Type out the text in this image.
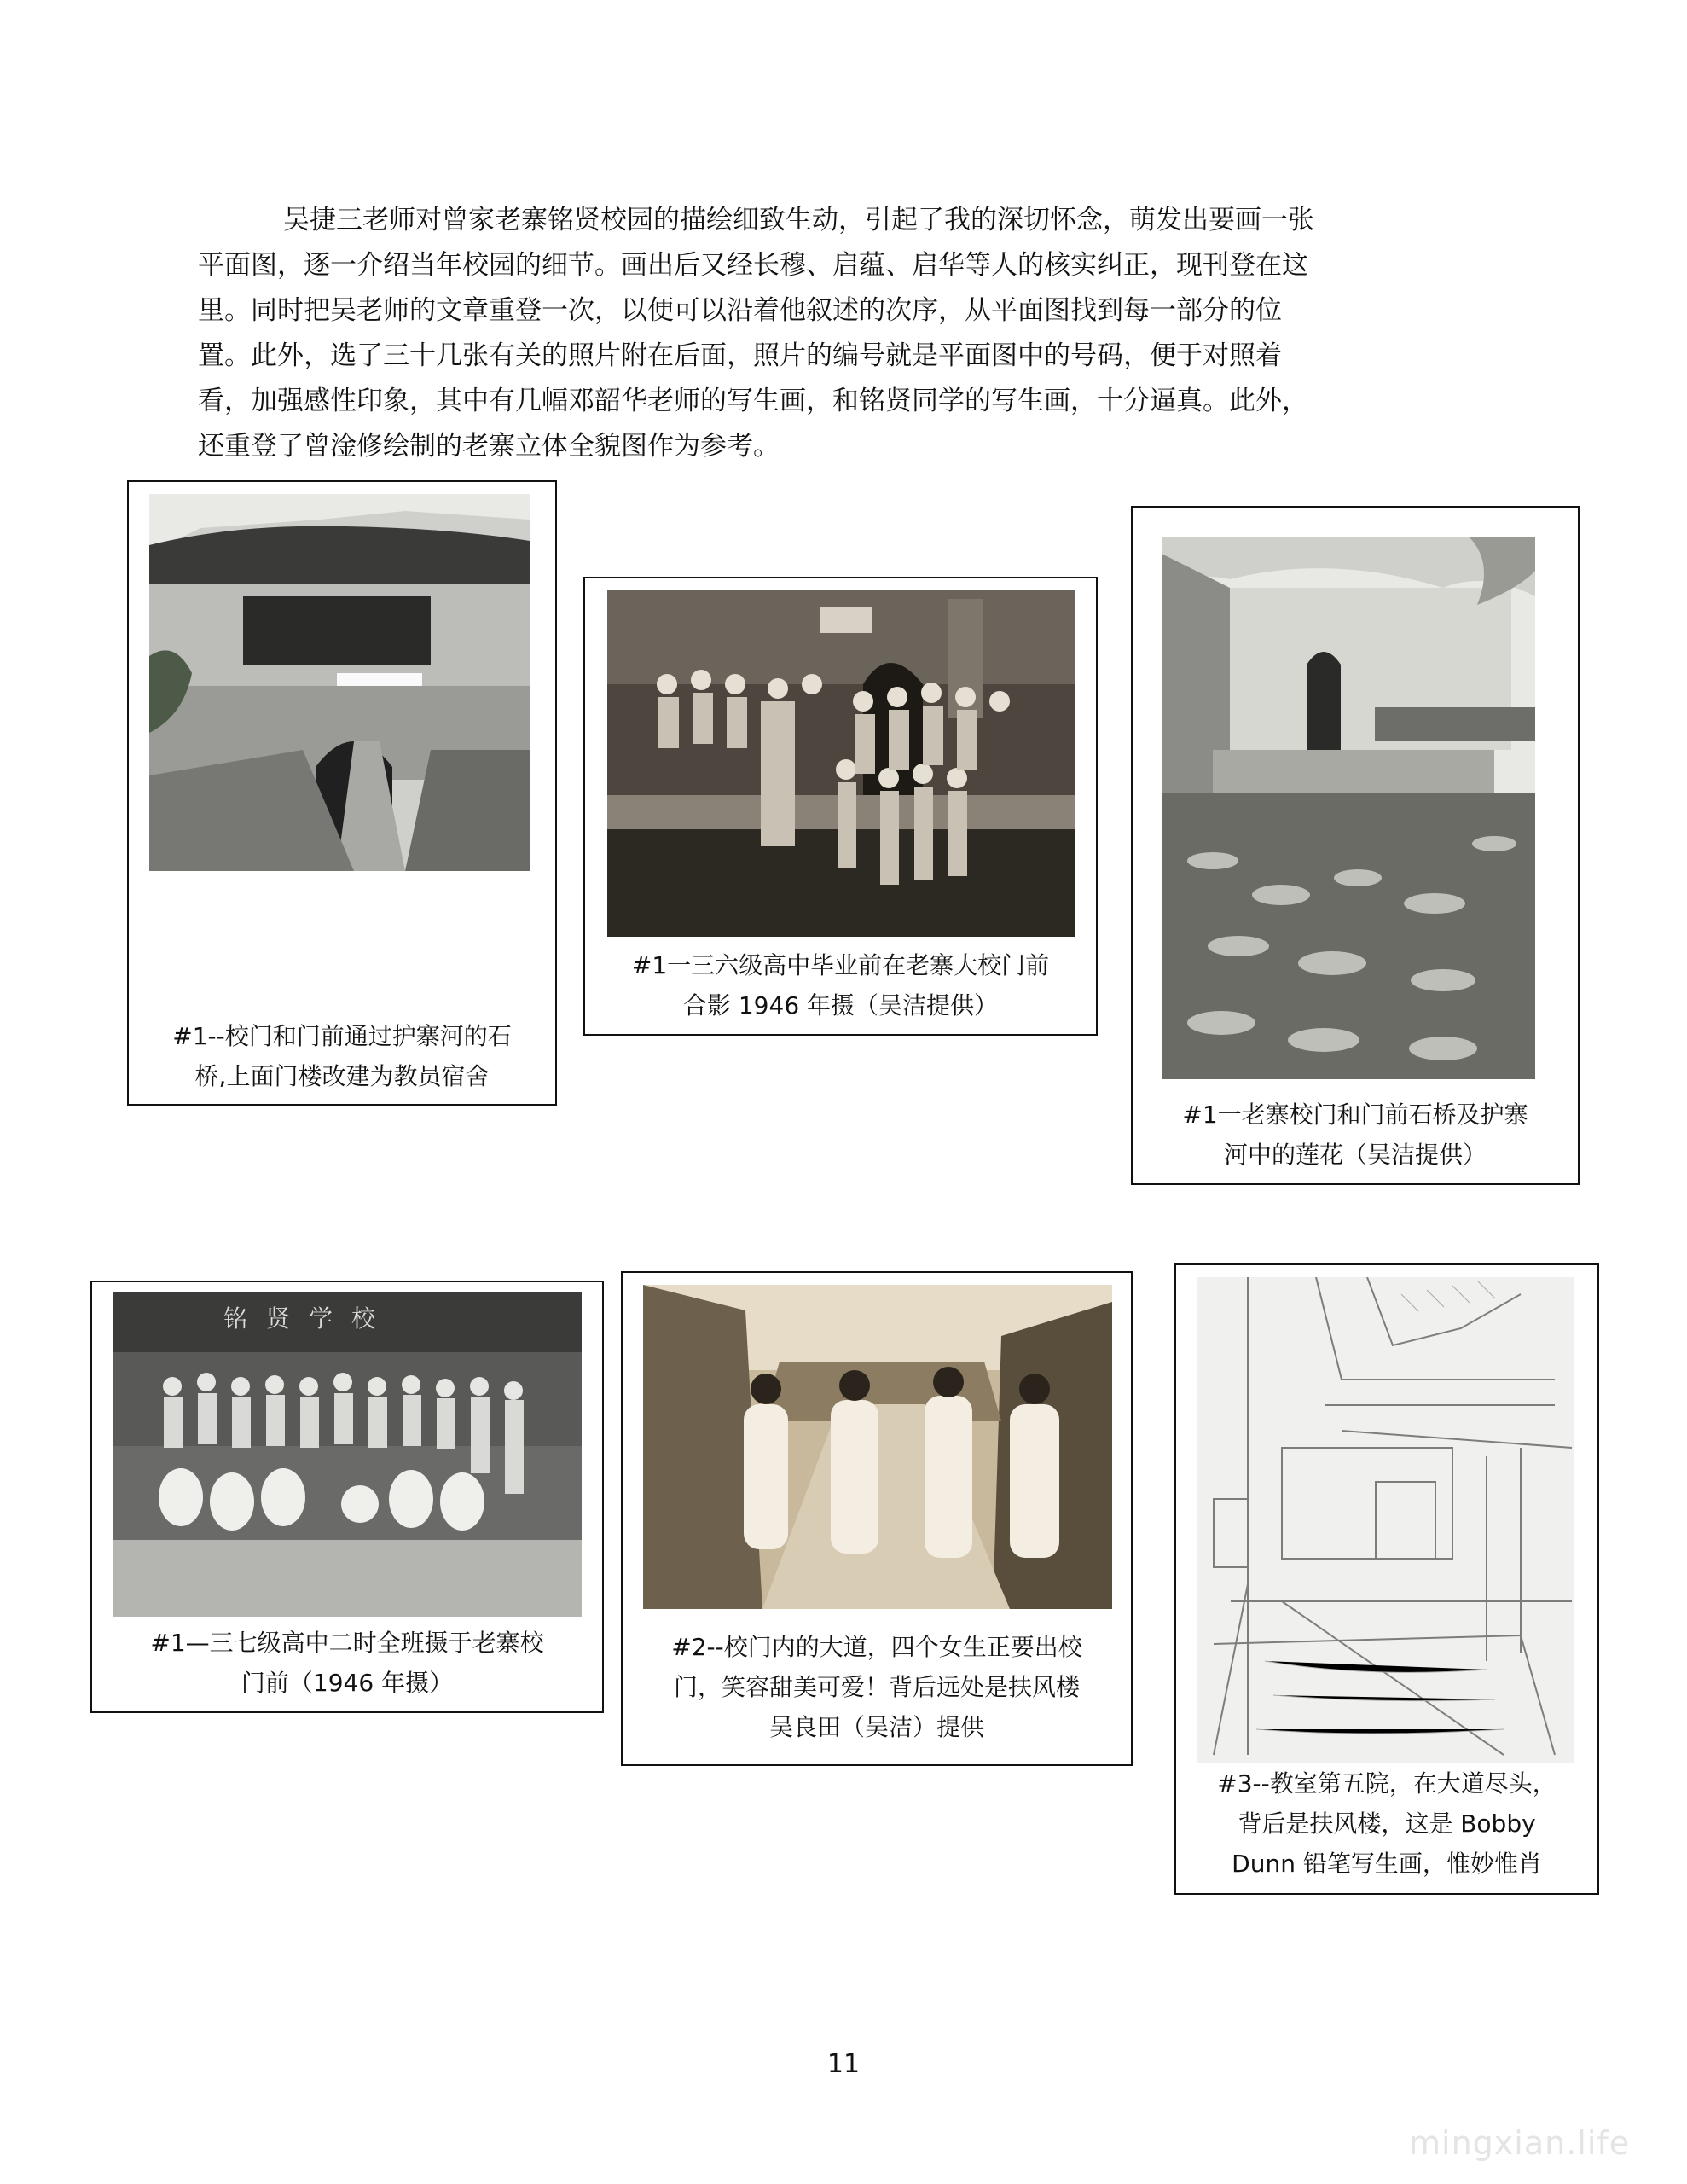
吴捷三老师对曾家老寨铭贤校园的描绘细致生动，引起了我的深切怀念，萌发出要画一张

平面图，逐一介绍当年校园的细节。画出后又经长穆、启蕴、启华等人的核实纠正，现刊登在这

里。同时把吴老师的文章重登一次，以便可以沿着他叙述的次序，从平面图找到每一部分的位

置。此外，选了三十几张有关的照片附在后面，照片的编号就是平面图中的号码，便于对照着

看，加强感性印象，其中有几幅邓韶华老师的写生画，和铭贤同学的写生画，十分逼真。此外，

还重登了曾淦修绘制的老寨立体全貌图作为参考。

#1--校门和门前通过护寨河的石
桥,上面门楼改建为教员宿舍
#1一三六级高中毕业前在老寨大校门前
合影 1946 年摄（吴洁提供）
#1一老寨校门和门前石桥及护寨
河中的莲花（吴洁提供）
铭贤学校
#1—三七级高中二时全班摄于老寨校
门前（1946 年摄）
#2--校门内的大道，四个女生正要出校
门，笑容甜美可爱！背后远处是扶风楼
吴良田（吴洁）提供
#3--教室第五院，在大道尽头，
背后是扶风楼，这是 Bobby
Dunn 铅笔写生画，惟妙惟肖
11
mingxian.life
